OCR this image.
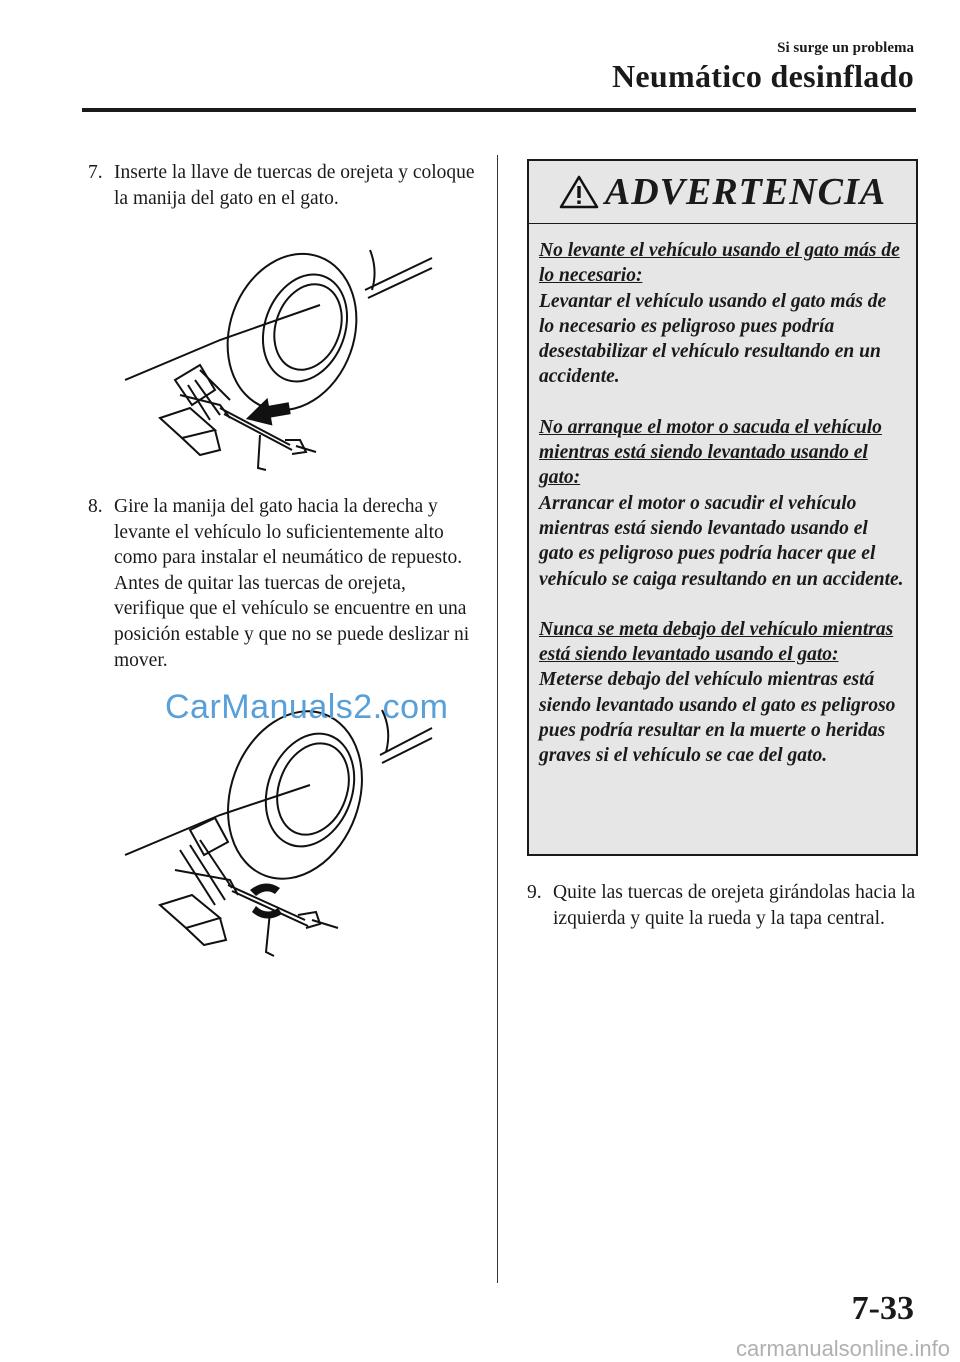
Si surge un problema
Neumático desinflado
7. Inserte la llave de tuercas de orejeta y coloque la manija del gato en el gato.
8. Gire la manija del gato hacia la derecha y levante el vehículo lo suficientemente alto como para instalar el neumático de repuesto. Antes de quitar las tuercas de orejeta, verifique que el vehículo se encuentre en una posición estable y que no se puede deslizar ni mover.
CarManuals2.com
ADVERTENCIA

No levante el vehículo usando el gato más de lo necesario:
Levantar el vehículo usando el gato más de lo necesario es peligroso pues podría desestabilizar el vehículo resultando en un accidente.

No arranque el motor o sacuda el vehículo mientras está siendo levantado usando el gato:
Arrancar el motor o sacudir el vehículo mientras está siendo levantado usando el gato es peligroso pues podría hacer que el vehículo se caiga resultando en un accidente.

Nunca se meta debajo del vehículo mientras está siendo levantado usando el gato:
Meterse debajo del vehículo mientras está siendo levantado usando el gato es peligroso pues podría resultar en la muerte o heridas graves si el vehículo se cae del gato.

9. Quite las tuercas de orejeta girándolas hacia la izquierda y quite la rueda y la tapa central.
7-33
carmanualsonline.info
